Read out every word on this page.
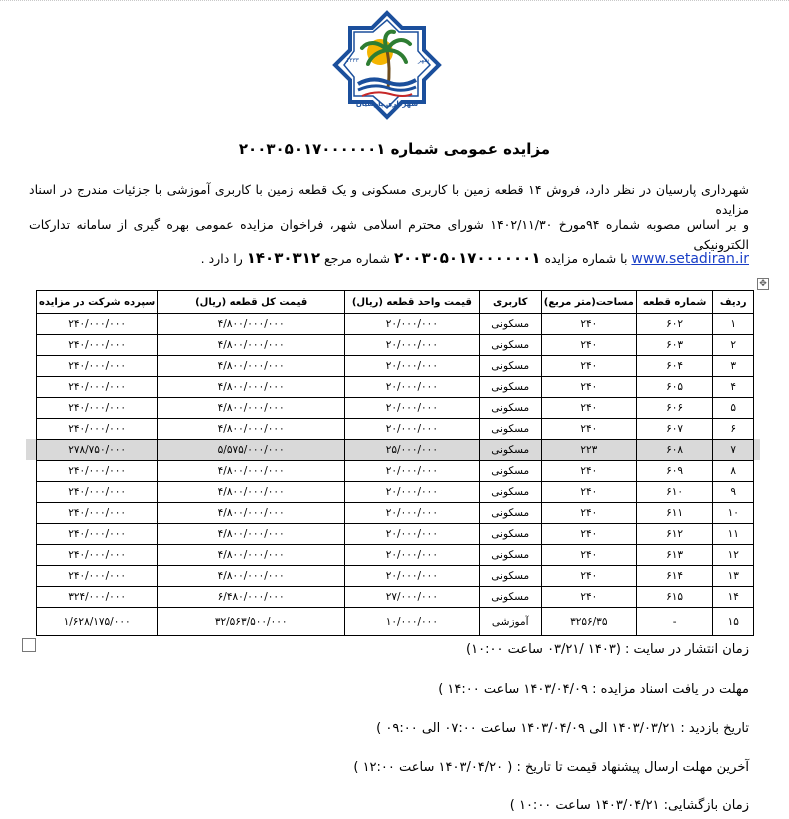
شهرداری پارسیان
۱۳۳۳	شهر
مزایده عمومی شماره ۲۰۰۳۰۵۰۱۷۰۰۰۰۰۰۱
شهرداری پارسیان در نظر دارد، فروش ۱۴ قطعه زمین با کاربری مسکونی و یک قطعه زمین با کاربری آموزشی با جزئیات مندرج در اسناد مزایده
و بر اساس مصوبه شماره ۹۴مورخ ۱۴۰۲/۱۱/۳۰ شورای محترم اسلامی شهر، فراخوان مزایده عمومی بهره گیری از سامانه تدارکات الکترونیکی
www.setadiran.ir با شماره مزایده ۲۰۰۳۰۵۰۱۷۰۰۰۰۰۰۱ شماره مرجع ۱۴۰۳۰۳۱۲ را دارد .
✥
ردیف	شماره قطعه	مساحت(متر مربع)	کاربری	قیمت واحد قطعه (ریال)	قیمت کل قطعه (ریال)	سپرده شرکت در مزایده
۱	۶۰۲	۲۴۰	مسکونی	۲۰/۰۰۰/۰۰۰	۴/۸۰۰/۰۰۰/۰۰۰	۲۴۰/۰۰۰/۰۰۰
۲	۶۰۳	۲۴۰	مسکونی	۲۰/۰۰۰/۰۰۰	۴/۸۰۰/۰۰۰/۰۰۰	۲۴۰/۰۰۰/۰۰۰
۳	۶۰۴	۲۴۰	مسکونی	۲۰/۰۰۰/۰۰۰	۴/۸۰۰/۰۰۰/۰۰۰	۲۴۰/۰۰۰/۰۰۰
۴	۶۰۵	۲۴۰	مسکونی	۲۰/۰۰۰/۰۰۰	۴/۸۰۰/۰۰۰/۰۰۰	۲۴۰/۰۰۰/۰۰۰
۵	۶۰۶	۲۴۰	مسکونی	۲۰/۰۰۰/۰۰۰	۴/۸۰۰/۰۰۰/۰۰۰	۲۴۰/۰۰۰/۰۰۰
۶	۶۰۷	۲۴۰	مسکونی	۲۰/۰۰۰/۰۰۰	۴/۸۰۰/۰۰۰/۰۰۰	۲۴۰/۰۰۰/۰۰۰
۷	۶۰۸	۲۲۳	مسکونی	۲۵/۰۰۰/۰۰۰	۵/۵۷۵/۰۰۰/۰۰۰	۲۷۸/۷۵۰/۰۰۰
۸	۶۰۹	۲۴۰	مسکونی	۲۰/۰۰۰/۰۰۰	۴/۸۰۰/۰۰۰/۰۰۰	۲۴۰/۰۰۰/۰۰۰
۹	۶۱۰	۲۴۰	مسکونی	۲۰/۰۰۰/۰۰۰	۴/۸۰۰/۰۰۰/۰۰۰	۲۴۰/۰۰۰/۰۰۰
۱۰	۶۱۱	۲۴۰	مسکونی	۲۰/۰۰۰/۰۰۰	۴/۸۰۰/۰۰۰/۰۰۰	۲۴۰/۰۰۰/۰۰۰
۱۱	۶۱۲	۲۴۰	مسکونی	۲۰/۰۰۰/۰۰۰	۴/۸۰۰/۰۰۰/۰۰۰	۲۴۰/۰۰۰/۰۰۰
۱۲	۶۱۳	۲۴۰	مسکونی	۲۰/۰۰۰/۰۰۰	۴/۸۰۰/۰۰۰/۰۰۰	۲۴۰/۰۰۰/۰۰۰
۱۳	۶۱۴	۲۴۰	مسکونی	۲۰/۰۰۰/۰۰۰	۴/۸۰۰/۰۰۰/۰۰۰	۲۴۰/۰۰۰/۰۰۰
۱۴	۶۱۵	۲۴۰	مسکونی	۲۷/۰۰۰/۰۰۰	۶/۴۸۰/۰۰۰/۰۰۰	۳۲۴/۰۰۰/۰۰۰
۱۵	-	۳۲۵۶/۳۵	آموزشی	۱۰/۰۰۰/۰۰۰	۳۲/۵۶۳/۵۰۰/۰۰۰	۱/۶۲۸/۱۷۵/۰۰۰
زمان انتشار در سایت : (۱۴۰۳ /۰۳/۲۱ ساعت ۱۰:۰۰)
مهلت در یافت اسناد مزایده : ۱۴۰۳/۰۴/۰۹ ساعت ۱۴:۰۰ )
تاریخ بازدید : ۱۴۰۳/۰۳/۲۱ الی ۱۴۰۳/۰۴/۰۹ ساعت ۰۷:۰۰ الی ۰۹:۰۰ )
آخرین مهلت ارسال پیشنهاد قیمت تا تاریخ : ( ۱۴۰۳/۰۴/۲۰ ساعت ۱۲:۰۰ )
زمان بازگشایی: ۱۴۰۳/۰۴/۲۱ ساعت ۱۰:۰۰ )
